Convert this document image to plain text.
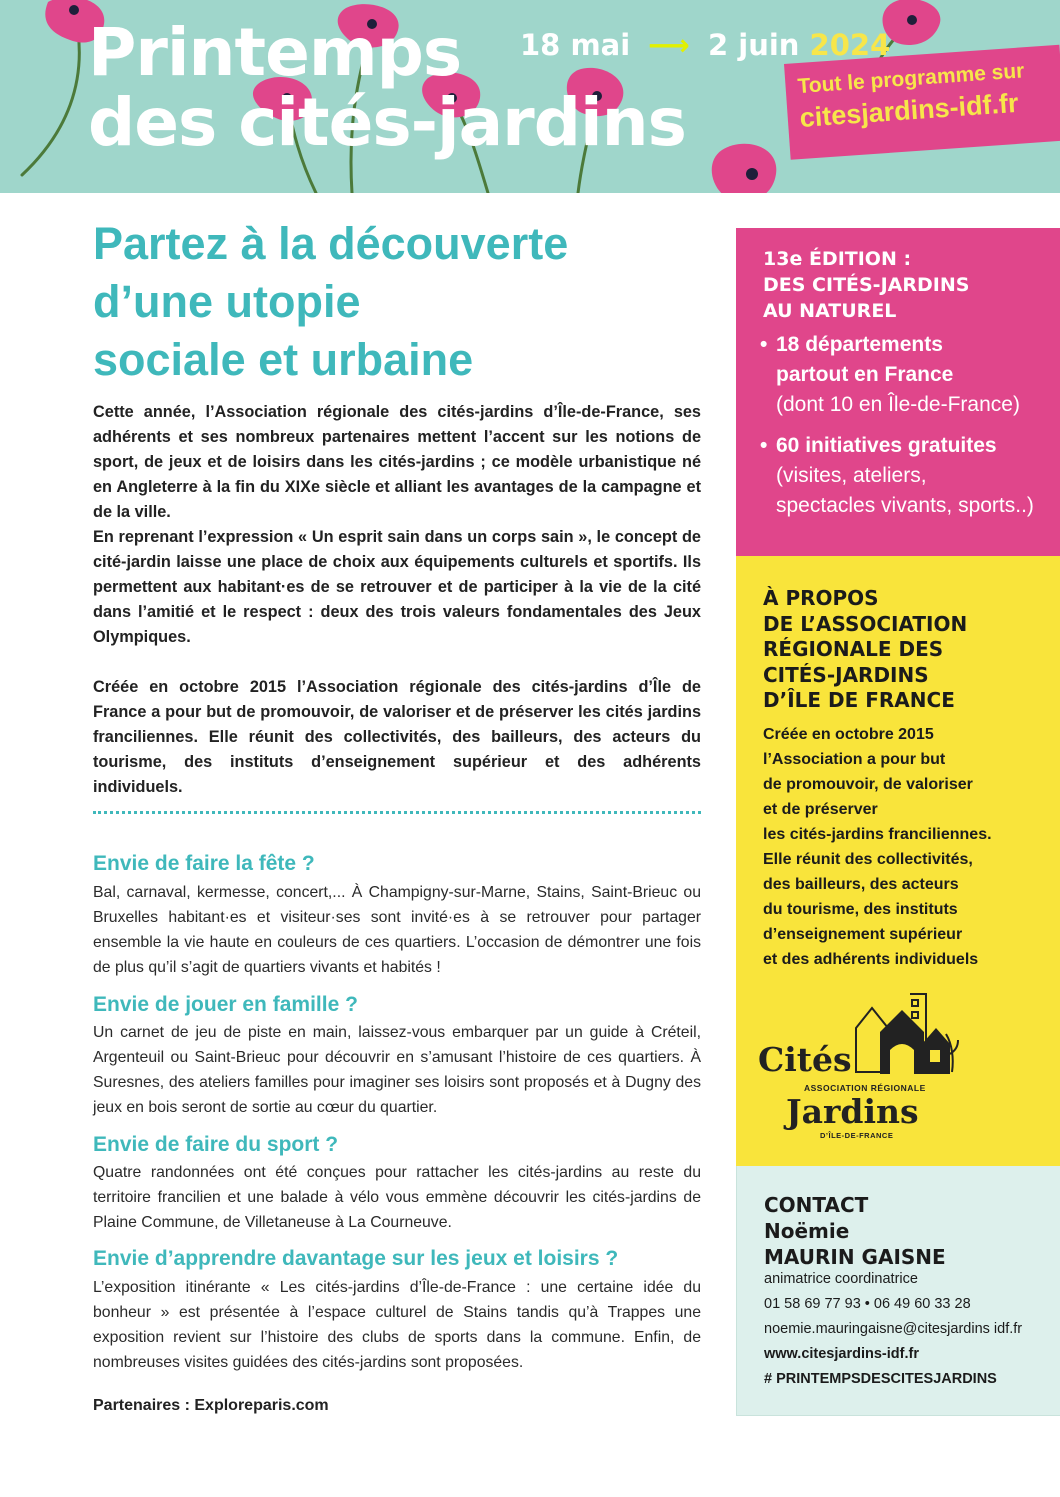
Printemps
des cités-jardins
18 mai ⟶ 2 juin 2024
Tout le programme sur
citesjardins-idf.fr
Partez à la découverte
d’une utopie
sociale et urbaine

Cette année, l’Association régionale des cités-jardins d’Île-de-France, ses adhérents et ses nombreux partenaires mettent l’accent sur les notions de sport, de jeux et de loisirs dans les cités-jardins ; ce modèle urbanistique né en Angleterre à la fin du XIXe siècle et alliant les avantages de la campagne et de la ville.

En reprenant l’expression « Un esprit sain dans un corps sain », le concept de cité-jardin laisse une place de choix aux équipements culturels et sportifs. Ils permettent aux habitant·es de se retrouver et de participer à la vie de la cité dans l’amitié et le respect : deux des trois valeurs fondamentales des Jeux Olympiques.

Créée en octobre 2015 l’Association régionale des cités-jardins d’Île de France a pour but de promouvoir, de valoriser et de préserver les cités jardins franciliennes. Elle réunit des collectivités, des bailleurs, des acteurs du tourisme, des instituts d’enseignement supérieur et des adhérents individuels.

Envie de faire la fête ?

Bal, carnaval, kermesse, concert,... À Champigny-sur-Marne, Stains, Saint-Brieuc ou Bruxelles habitant·es et visiteur·ses sont invité·es à se retrouver pour partager ensemble la vie haute en couleurs de ces quartiers. L’occasion de démontrer une fois de plus qu’il s’agit de quartiers vivants et habités !

Envie de jouer en famille ?

Un carnet de jeu de piste en main, laissez-vous embarquer par un guide à Créteil, Argenteuil ou Saint-Brieuc pour découvrir en s’amusant l’histoire de ces quartiers. À Suresnes, des ateliers familles pour imaginer ses loisirs sont proposés et à Dugny des jeux en bois seront de sortie au cœur du quartier.

Envie de faire du sport ?

Quatre randonnées ont été conçues pour rattacher les cités-jardins au reste du territoire francilien et une balade à vélo vous emmène découvrir les cités-jardins de Plaine Commune, de Villetaneuse à La Courneuve.

Envie d’apprendre davantage sur les jeux et loisirs ?

L’exposition itinérante « Les cités-jardins d’Île-de-France : une certaine idée du bonheur » est présentée à l’espace culturel de Stains tandis qu’à Trappes une exposition revient sur l’histoire des clubs de sports dans la commune. Enfin, de nombreuses visites guidées des cités-jardins sont proposées.

Partenaires : Exploreparis.com
13e ÉDITION :
DES CITÉS-JARDINS
AU NATUREL
• 18 départements
partout en France
(dont 10 en Île-de-France)
• 60 initiatives gratuites
(visites, ateliers,
spectacles vivants, sports..)
À PROPOS
DE L’ASSOCIATION
RÉGIONALE DES
CITÉS-JARDINS
D’ÎLE DE FRANCE
Créée en octobre 2015
l’Association a pour but
de promouvoir, de valoriser
et de préserver
les cités-jardins franciliennes.
Elle réunit des collectivités,
des bailleurs, des acteurs
du tourisme, des instituts
d’enseignement supérieur
et des adhérents individuels
Cités
ASSOCIATION RÉGIONALE
Jardins
D’ÎLE-DE-FRANCE
CONTACT
Noëmie
MAURIN GAISNE
animatrice coordinatrice
01 58 69 77 93 • 06 49 60 33 28
noemie.mauringaisne@citesjardins idf.fr
www.citesjardins-idf.fr
# PRINTEMPSDESCITESJARDINS
